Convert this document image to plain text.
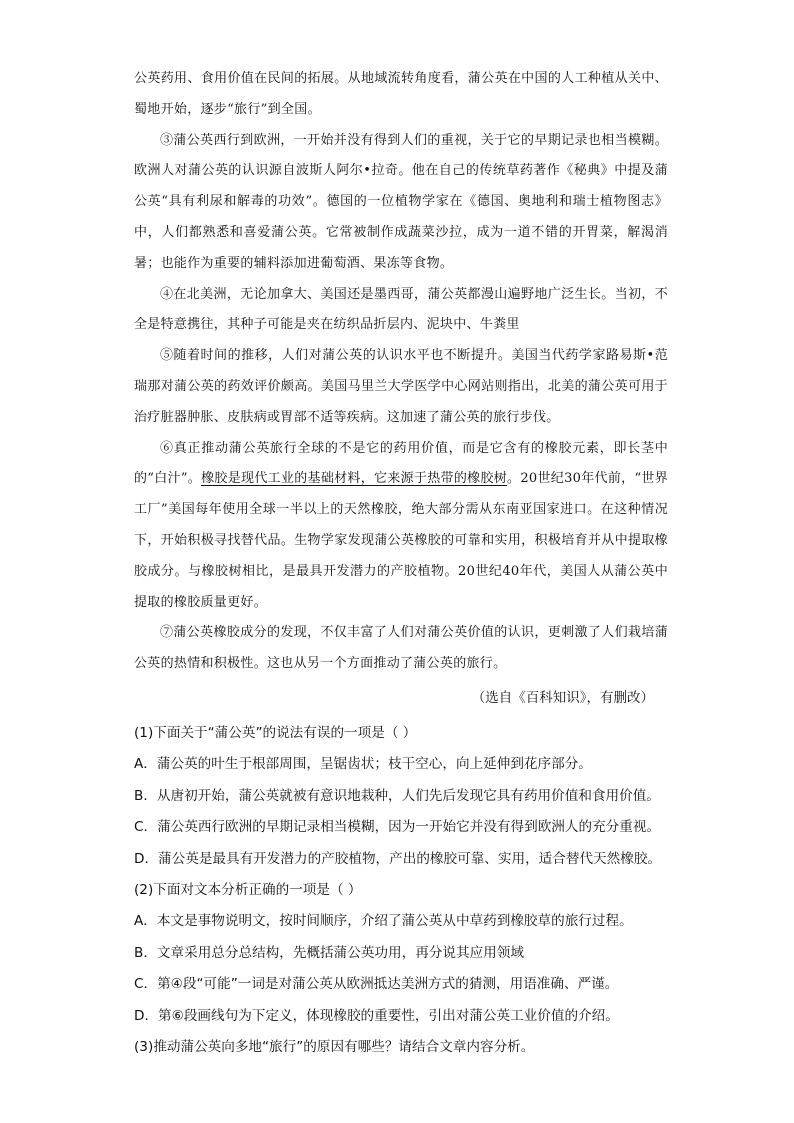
公英药用、食用价值在民间的拓展。从地域流转角度看，蒲公英在中国的人工种植从关中、蜀地开始，逐步“旅行”到全国。

③蒲公英西行到欧洲，一开始并没有得到人们的重视，关于它的早期记录也相当模糊。欧洲人对蒲公英的认识源自波斯人阿尔•拉奇。他在自己的传统草药著作《秘典》中提及蒲公英“具有利尿和解毒的功效”。德国的一位植物学家在《德国、奥地利和瑞士植物图志》中，人们都熟悉和喜爱蒲公英。它常被制作成蔬菜沙拉，成为一道不错的开胃菜，解渴消暑；也能作为重要的辅料添加进葡萄酒、果冻等食物。

④在北美洲，无论加拿大、美国还是墨西哥，蒲公英都漫山遍野地广泛生长。当初，不全是特意携往，其种子可能是夹在纺织品折层内、泥块中、牛粪里

⑤随着时间的推移，人们对蒲公英的认识水平也不断提升。美国当代药学家路易斯•范瑞那对蒲公英的药效评价颇高。美国马里兰大学医学中心网站则指出，北美的蒲公英可用于治疗脏器肿胀、皮肤病或胃部不适等疾病。这加速了蒲公英的旅行步伐。

⑥真正推动蒲公英旅行全球的不是它的药用价值，而是它含有的橡胶元素，即长茎中的“白汁”。橡胶是现代工业的基础材料，它来源于热带的橡胶树。20世纪30年代前，“世界工厂”美国每年使用全球一半以上的天然橡胶，绝大部分需从东南亚国家进口。在这种情况下，开始积极寻找替代品。生物学家发现蒲公英橡胶的可靠和实用，积极培育并从中提取橡胶成分。与橡胶树相比，是最具开发潜力的产胶植物。20世纪40年代，美国人从蒲公英中提取的橡胶质量更好。

⑦蒲公英橡胶成分的发现，不仅丰富了人们对蒲公英价值的认识，更刺激了人们栽培蒲公英的热情和积极性。这也从另一个方面推动了蒲公英的旅行。

（选自《百科知识》，有删改）
(1)下面关于“蒲公英”的说法有误的一项是（ ）
A．蒲公英的叶生于根部周围，呈锯齿状；枝干空心，向上延伸到花序部分。
B．从唐初开始，蒲公英就被有意识地栽种，人们先后发现它具有药用价值和食用价值。
C．蒲公英西行欧洲的早期记录相当模糊，因为一开始它并没有得到欧洲人的充分重视。
D．蒲公英是最具有开发潜力的产胶植物，产出的橡胶可靠、实用，适合替代天然橡胶。
(2)下面对文本分析正确的一项是（ ）
A．本文是事物说明文，按时间顺序，介绍了蒲公英从中草药到橡胶草的旅行过程。
B．文章采用总分总结构，先概括蒲公英功用，再分说其应用领域
C．第④段“可能”一词是对蒲公英从欧洲抵达美洲方式的猜测，用语准确、严谨。
D．第⑥段画线句为下定义，体现橡胶的重要性，引出对蒲公英工业价值的介绍。
(3)推动蒲公英向多地“旅行”的原因有哪些？请结合文章内容分析。
